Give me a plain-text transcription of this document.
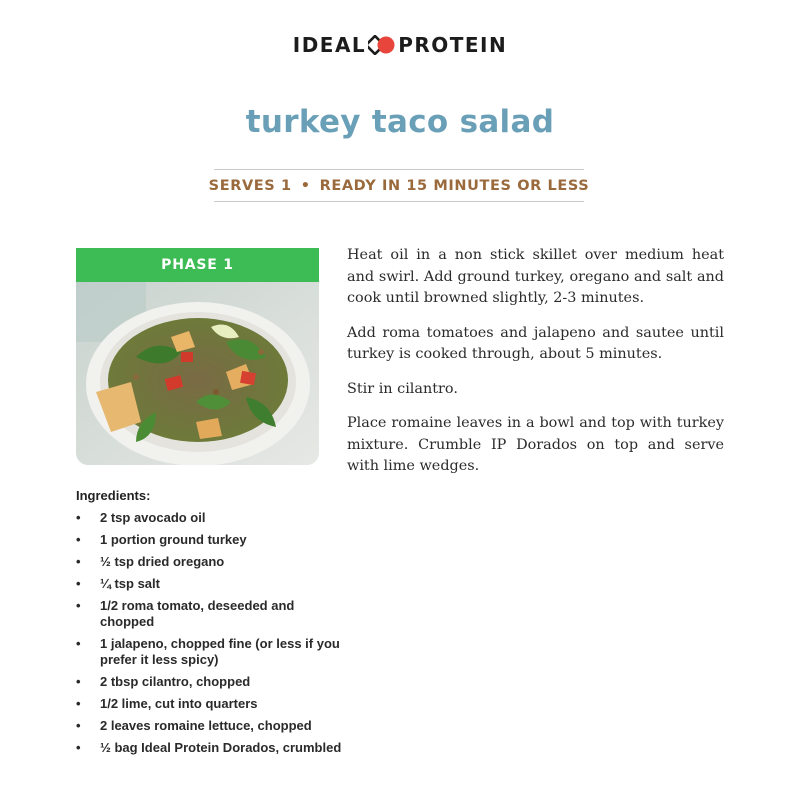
IDEAL PROTEIN
turkey taco salad
SERVES 1 • READY IN 15 MINUTES OR LESS
PHASE 1
Ingredients:
• 2 tsp avocado oil
• 1 portion ground turkey
• ½ tsp dried oregano
• ¼ tsp salt
• 1/2 roma tomato, deseeded and chopped
• 1 jalapeno, chopped fine (or less if you prefer it less spicy)
• 2 tbsp cilantro, chopped
• 1/2 lime, cut into quarters
• 2 leaves romaine lettuce, chopped
• ½ bag Ideal Protein Dorados, crumbled

Heat oil in a non stick skillet over medium heat and swirl. Add ground turkey, oregano and salt and cook until browned slightly, 2-3 minutes.

Add roma tomatoes and jalapeno and sautee until turkey is cooked through, about 5 minutes.

Stir in cilantro.

Place romaine leaves in a bowl and top with turkey mixture. Crumble IP Dorados on top and serve with lime wedges.
